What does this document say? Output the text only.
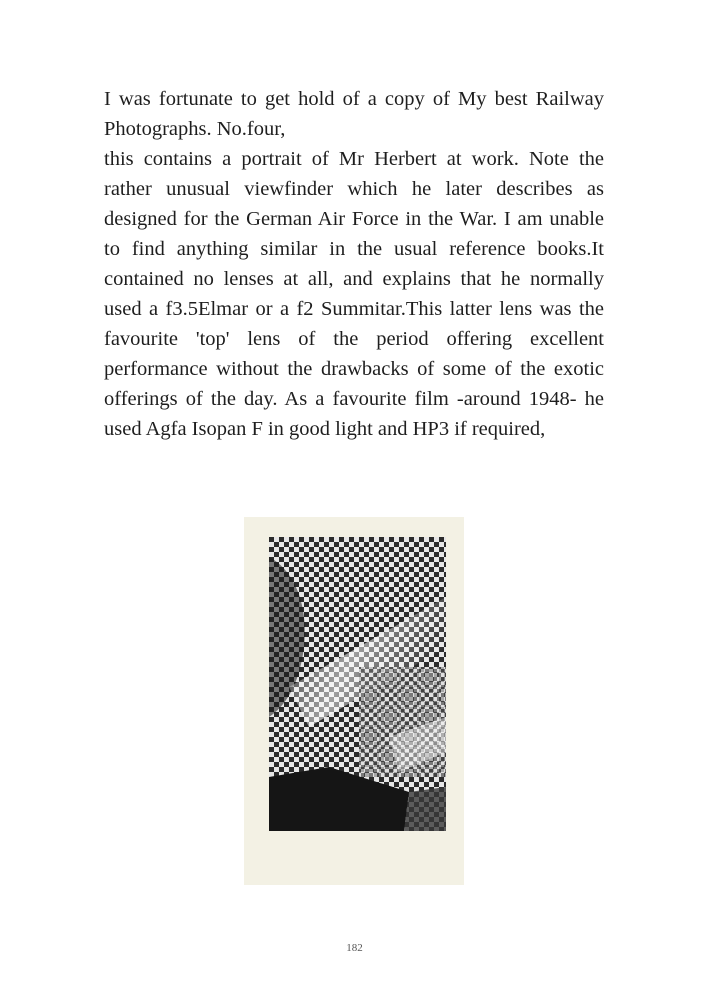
I was fortunate to get hold of a copy of My best Railway Photographs. No.four,

this contains a portrait of Mr Herbert at work. Note the rather unusual viewfinder which he later describes as designed for the German Air Force in the War. I am unable to find anything similar in the usual reference books.It contained no lenses at all, and explains that he normally used a f3.5Elmar or a f2 Summitar.This latter lens was the favourite 'top' lens of the period offering excellent performance without the drawbacks of some of the exotic offerings of the day. As a favourite film -around 1948- he used Agfa Isopan F in good light and HP3 if required,

182
